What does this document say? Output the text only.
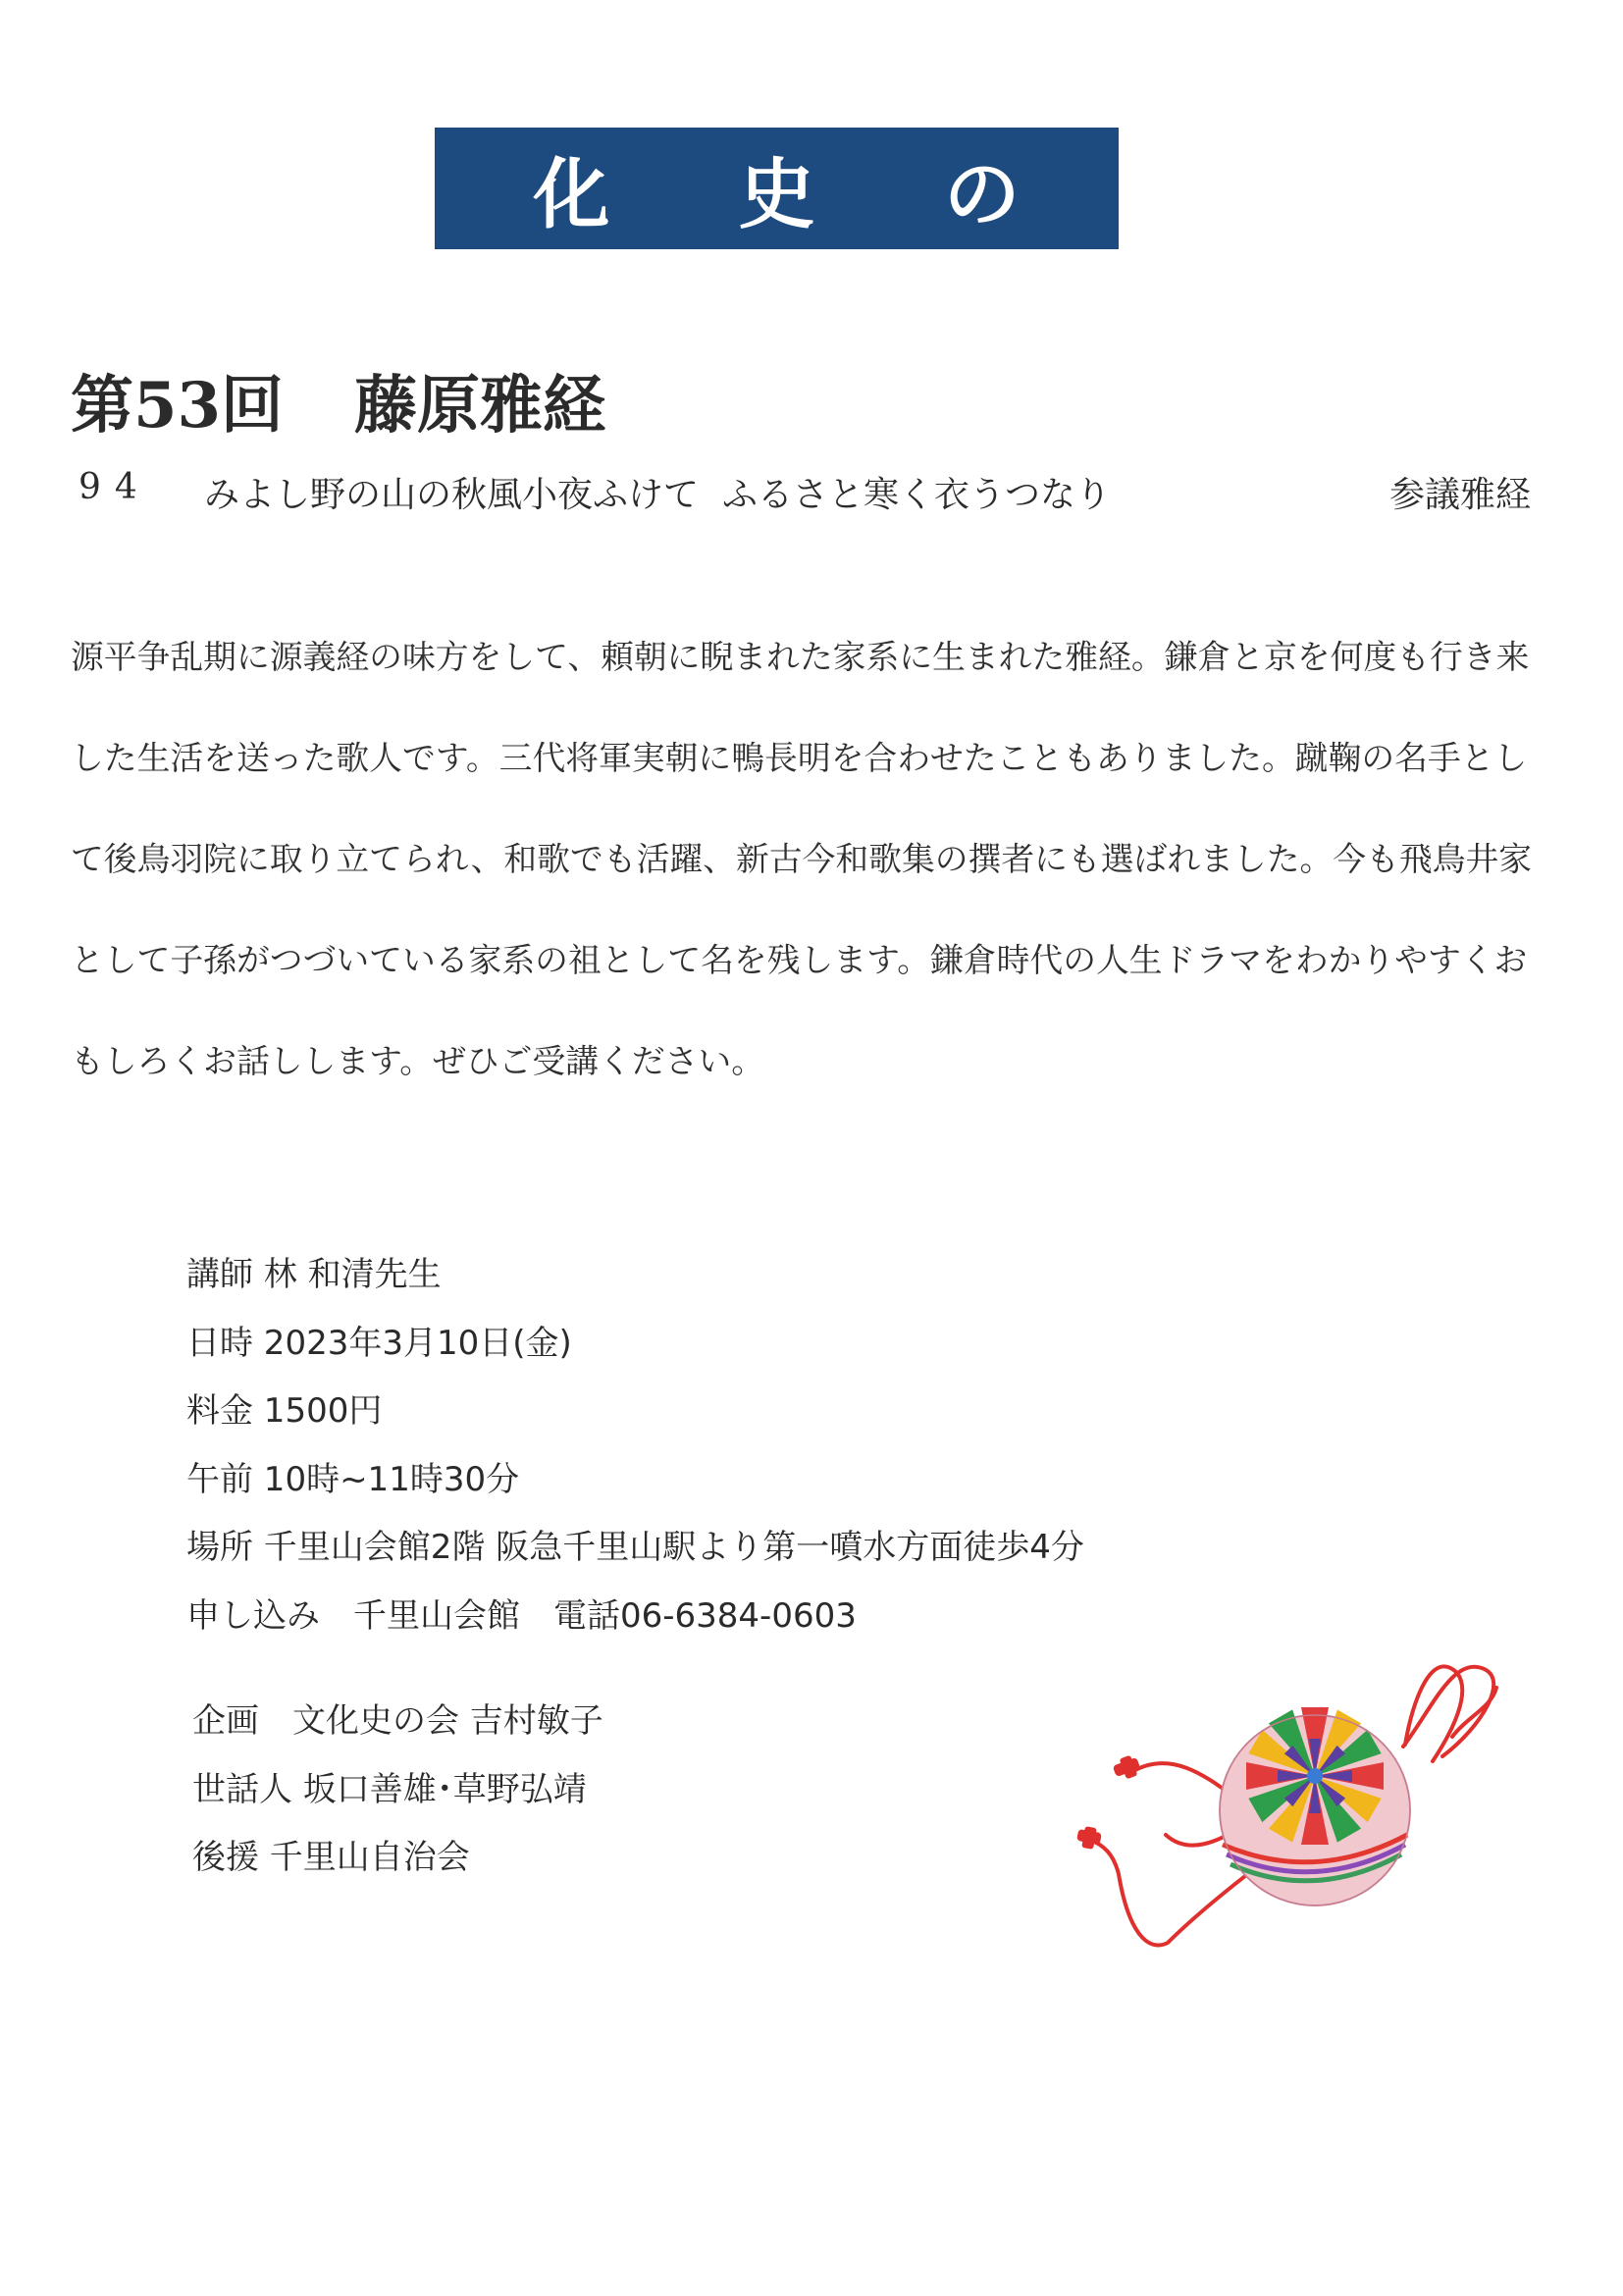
文 化 史 の 会
第53回 藤原雅経
94	みよし野の山の秋風小夜ふけて ふるさと寒く衣うつなり	参議雅経

源平争乱期に源義経の味方をして、頼朝に睨まれた家系に生まれた雅経。鎌倉と京を何度も行き来した生活を送った歌人です。三代将軍実朝に鴨長明を合わせたこともありました。蹴鞠の名手として後鳥羽院に取り立てられ、和歌でも活躍、新古今和歌集の撰者にも選ばれました。今も飛鳥井家として子孫がつづいている家系の祖として名を残します。鎌倉時代の人生ドラマをわかりやすくおもしろくお話しします。ぜひご受講ください。

講師 林 和清先生
日時 2023年3月10日(金)
料金 1500円
午前 10時~11時30分
場所 千里山会館2階 阪急千里山駅より第一噴水方面徒歩4分
申し込み　千里山会館　電話06-6384-0603
企画　文化史の会 吉村敏子
世話人 坂口善雄･草野弘靖
後援 千里山自治会
